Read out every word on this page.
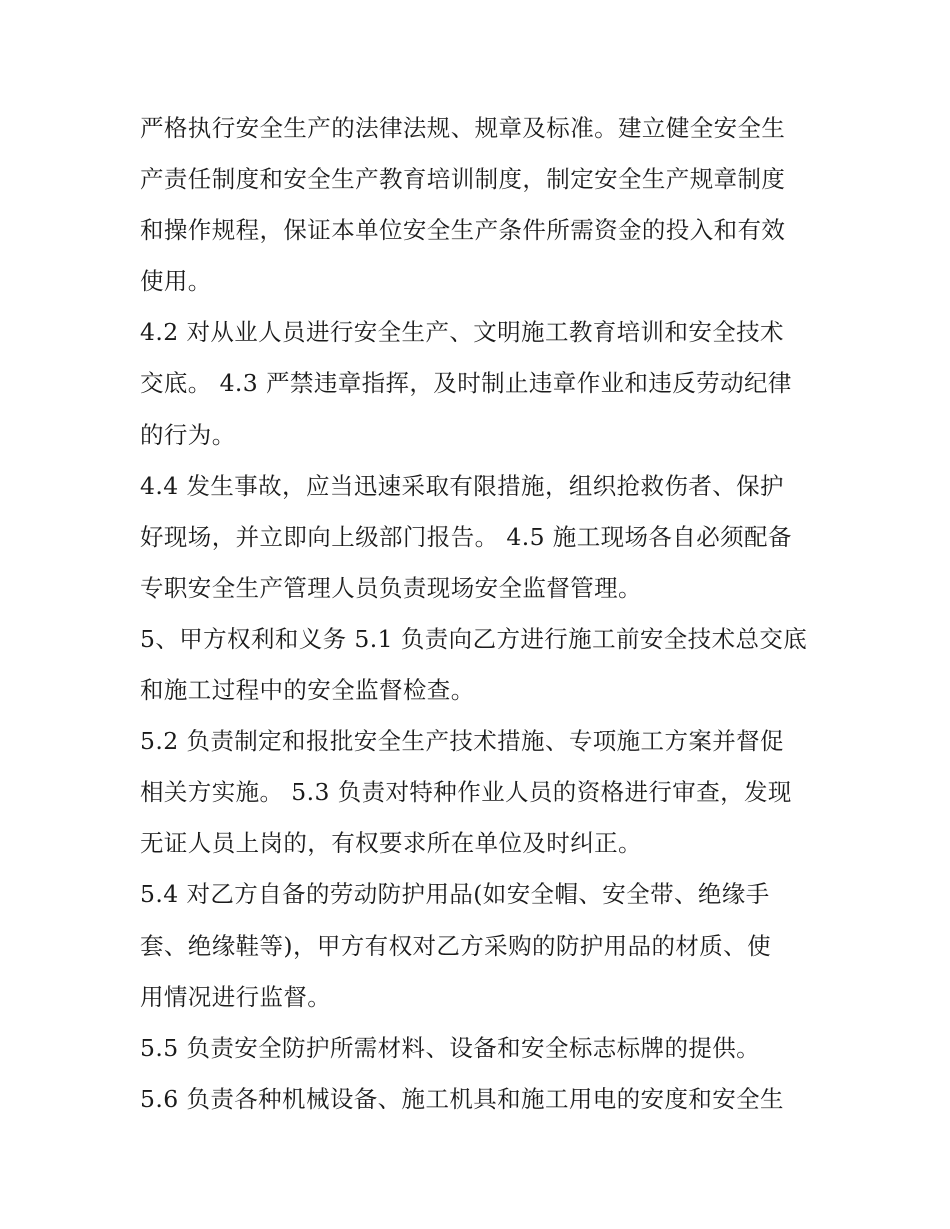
严格执行安全生产的法律法规、规章及标准。建立健全安全生
产责任制度和安全生产教育培训制度，制定安全生产规章制度
和操作规程，保证本单位安全生产条件所需资金的投入和有效
使用。
4.2 对从业人员进行安全生产、文明施工教育培训和安全技术
交底。 4.3 严禁违章指挥，及时制止违章作业和违反劳动纪律
的行为。
4.4 发生事故，应当迅速采取有限措施，组织抢救伤者、保护
好现场，并立即向上级部门报告。 4.5 施工现场各自必须配备
专职安全生产管理人员负责现场安全监督管理。
5、甲方权利和义务 5.1 负责向乙方进行施工前安全技术总交底
和施工过程中的安全监督检查。
5.2 负责制定和报批安全生产技术措施、专项施工方案并督促
相关方实施。 5.3 负责对特种作业人员的资格进行审查，发现
无证人员上岗的，有权要求所在单位及时纠正。
5.4 对乙方自备的劳动防护用品(如安全帽、安全带、绝缘手
套、绝缘鞋等)，甲方有权对乙方采购的防护用品的材质、使
用情况进行监督。
5.5 负责安全防护所需材料、设备和安全标志标牌的提供。
5.6 负责各种机械设备、施工机具和施工用电的安度和安全生
